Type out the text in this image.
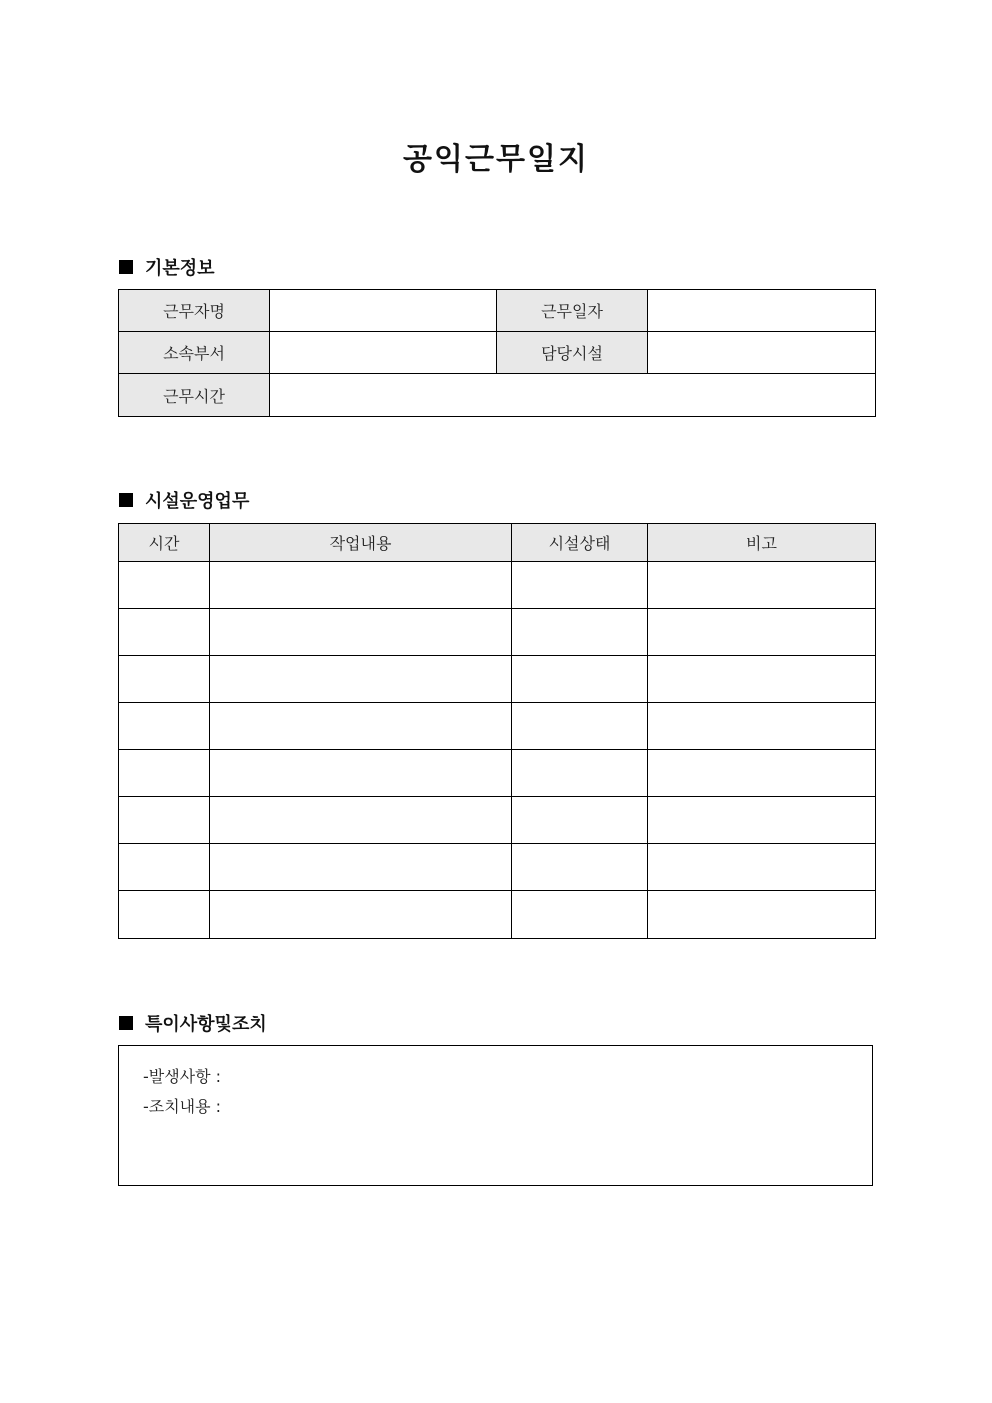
공익근무일지
기본정보
근무자명		근무일자	
소속부서		담당시설	
근무시간			
시설운영업무
시간	작업내용	시설상태	비고

특이사항및조치
-발생사항 :
-조치내용 :
